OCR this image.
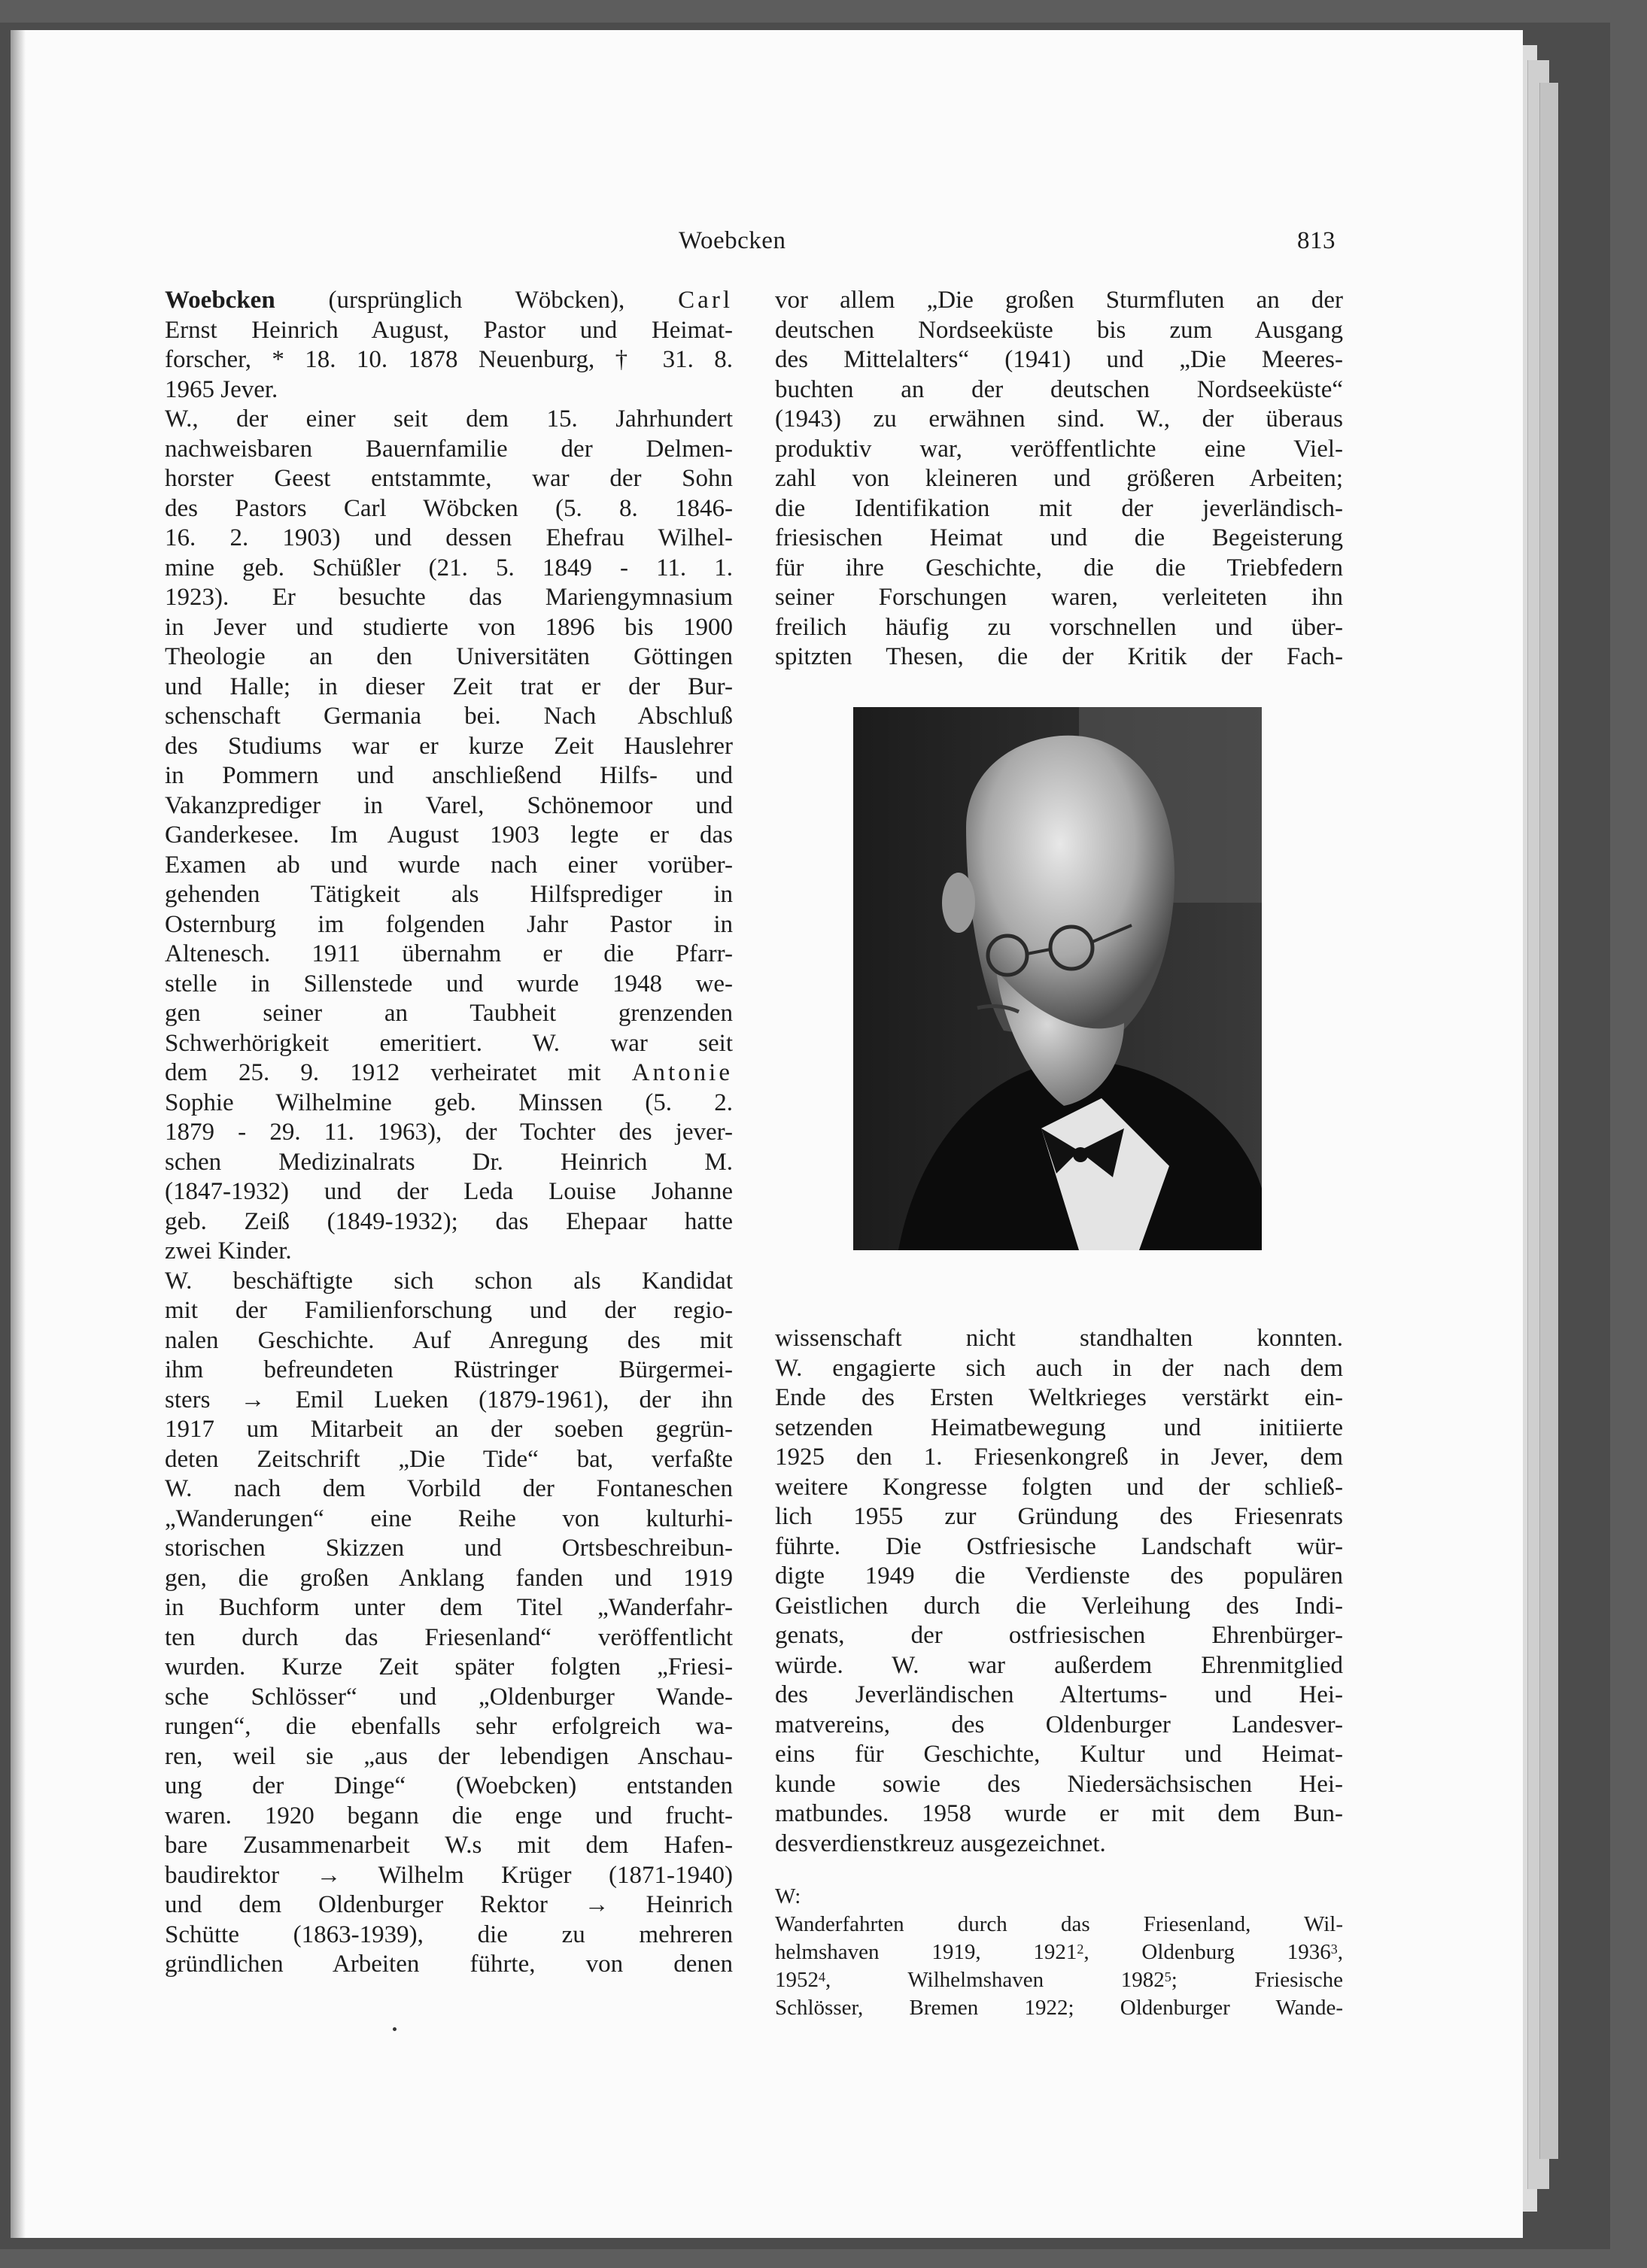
Woebcken	813
Woebcken (ursprünglich Wöbcken), Carl
Ernst Heinrich August, Pastor und Heimat-
forscher, * 18. 10. 1878 Neuenburg, † 31. 8.
1965 Jever.
W., der einer seit dem 15. Jahrhundert
nachweisbaren Bauernfamilie der Delmen-
horster Geest entstammte, war der Sohn
des Pastors Carl Wöbcken (5. 8. 1846-
16. 2. 1903) und dessen Ehefrau Wilhel-
mine geb. Schüßler (21. 5. 1849 - 11. 1.
1923). Er besuchte das Mariengymnasium
in Jever und studierte von 1896 bis 1900
Theologie an den Universitäten Göttingen
und Halle; in dieser Zeit trat er der Bur-
schenschaft Germania bei. Nach Abschluß
des Studiums war er kurze Zeit Hauslehrer
in Pommern und anschließend Hilfs- und
Vakanzprediger in Varel, Schönemoor und
Ganderkesee. Im August 1903 legte er das
Examen ab und wurde nach einer vorüber-
gehenden Tätigkeit als Hilfsprediger in
Osternburg im folgenden Jahr Pastor in
Altenesch. 1911 übernahm er die Pfarr-
stelle in Sillenstede und wurde 1948 we-
gen seiner an Taubheit grenzenden
Schwerhörigkeit emeritiert. W. war seit
dem 25. 9. 1912 verheiratet mit Antonie
Sophie Wilhelmine geb. Minssen (5. 2.
1879 - 29. 11. 1963), der Tochter des jever-
schen Medizinalrats Dr. Heinrich M.
(1847-1932) und der Leda Louise Johanne
geb. Zeiß (1849-1932); das Ehepaar hatte
zwei Kinder.
W. beschäftigte sich schon als Kandidat
mit der Familienforschung und der regio-
nalen Geschichte. Auf Anregung des mit
ihm befreundeten Rüstringer Bürgermei-
sters → Emil Lueken (1879-1961), der ihn
1917 um Mitarbeit an der soeben gegrün-
deten Zeitschrift „Die Tide“ bat, verfaßte
W. nach dem Vorbild der Fontaneschen
„Wanderungen“ eine Reihe von kulturhi-
storischen Skizzen und Ortsbeschreibun-
gen, die großen Anklang fanden und 1919
in Buchform unter dem Titel „Wanderfahr-
ten durch das Friesenland“ veröffentlicht
wurden. Kurze Zeit später folgten „Friesi-
sche Schlösser“ und „Oldenburger Wande-
rungen“, die ebenfalls sehr erfolgreich wa-
ren, weil sie „aus der lebendigen Anschau-
ung der Dinge“ (Woebcken) entstanden
waren. 1920 begann die enge und frucht-
bare Zusammenarbeit W.s mit dem Hafen-
baudirektor → Wilhelm Krüger (1871-1940)
und dem Oldenburger Rektor → Heinrich
Schütte (1863-1939), die zu mehreren
gründlichen Arbeiten führte, von denen
vor allem „Die großen Sturmfluten an der
deutschen Nordseeküste bis zum Ausgang
des Mittelalters“ (1941) und „Die Meeres-
buchten an der deutschen Nordseeküste“
(1943) zu erwähnen sind. W., der überaus
produktiv war, veröffentlichte eine Viel-
zahl von kleineren und größeren Arbeiten;
die Identifikation mit der jeverländisch-
friesischen Heimat und die Begeisterung
für ihre Geschichte, die die Triebfedern
seiner Forschungen waren, verleiteten ihn
freilich häufig zu vorschnellen und über-
spitzten Thesen, die der Kritik der Fach-
wissenschaft nicht standhalten konnten.
W. engagierte sich auch in der nach dem
Ende des Ersten Weltkrieges verstärkt ein-
setzenden Heimatbewegung und initiierte
1925 den 1. Friesenkongreß in Jever, dem
weitere Kongresse folgten und der schließ-
lich 1955 zur Gründung des Friesenrats
führte. Die Ostfriesische Landschaft wür-
digte 1949 die Verdienste des populären
Geistlichen durch die Verleihung des Indi-
genats, der ostfriesischen Ehrenbürger-
würde. W. war außerdem Ehrenmitglied
des Jeverländischen Altertums- und Hei-
matvereins, des Oldenburger Landesver-
eins für Geschichte, Kultur und Heimat-
kunde sowie des Niedersächsischen Hei-
matbundes. 1958 wurde er mit dem Bun-
desverdienstkreuz ausgezeichnet.
W:
Wanderfahrten durch das Friesenland, Wil-
helmshaven 1919, 1921$^2$, Oldenburg 1936$^3$,
1952$^4$, Wilhelmshaven 1982$^5$; Friesische
Schlösser, Bremen 1922; Oldenburger Wande-
